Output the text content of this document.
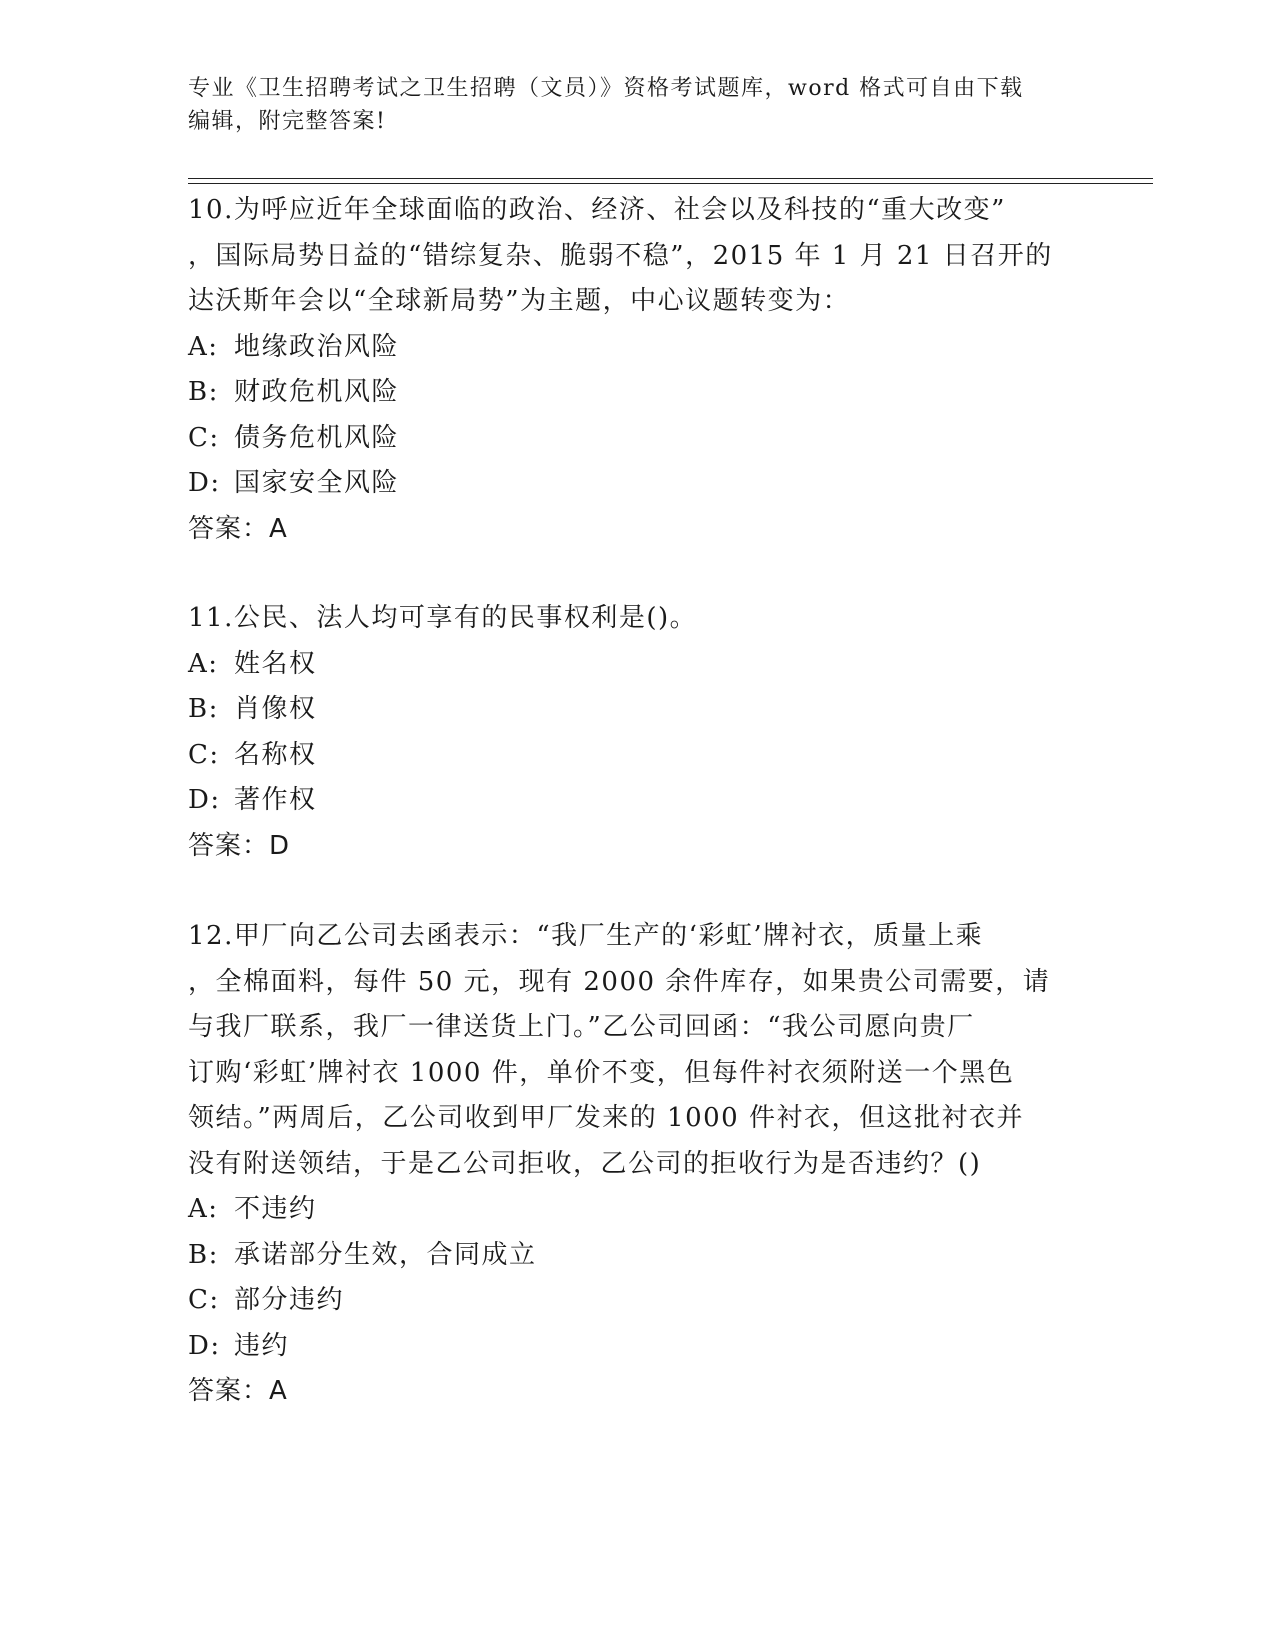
专业《卫生招聘考试之卫生招聘（文员）》资格考试题库，word 格式可自由下载
编辑，附完整答案!
10.为呼应近年全球面临的政治、经济、社会以及科技的“重大改变”
，国际局势日益的“错综复杂、脆弱不稳”，2015 年 1 月 21 日召开的
达沃斯年会以“全球新局势”为主题，中心议题转变为：
A: 地缘政治风险
B: 财政危机风险
C: 债务危机风险
D: 国家安全风险
答案：A
11.公民、法人均可享有的民事权利是()。
A: 姓名权
B: 肖像权
C: 名称权
D: 著作权
答案：D
12.甲厂向乙公司去函表示：“我厂生产的‘彩虹’牌衬衣，质量上乘
，全棉面料，每件 50 元，现有 2000 余件库存，如果贵公司需要，请
与我厂联系，我厂一律送货上门。”乙公司回函：“我公司愿向贵厂
订购‘彩虹’牌衬衣 1000 件，单价不变，但每件衬衣须附送一个黑色
领结。”两周后，乙公司收到甲厂发来的 1000 件衬衣，但这批衬衣并
没有附送领结，于是乙公司拒收，乙公司的拒收行为是否违约？()
A: 不违约
B: 承诺部分生效，合同成立
C: 部分违约
D: 违约
答案：A
